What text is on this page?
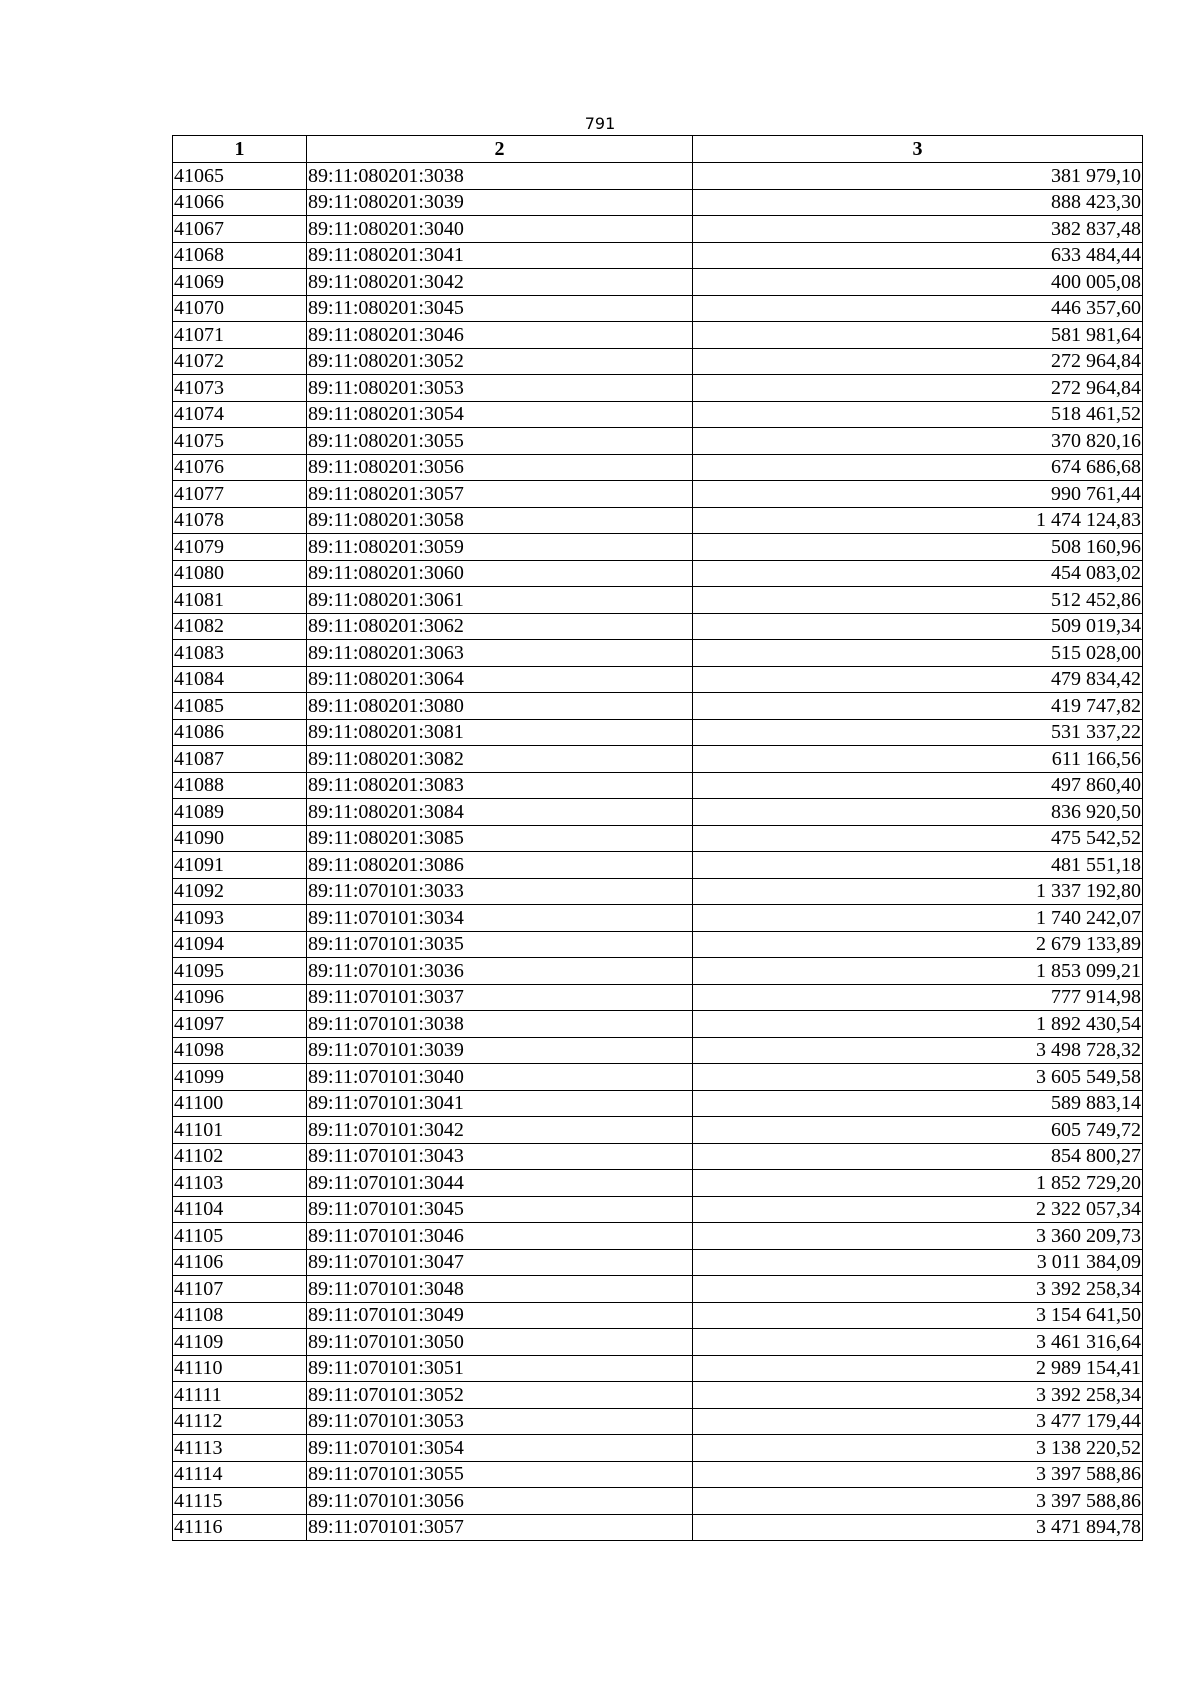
791
1	2	3
41065	89:11:080201:3038	381 979,10
41066	89:11:080201:3039	888 423,30
41067	89:11:080201:3040	382 837,48
41068	89:11:080201:3041	633 484,44
41069	89:11:080201:3042	400 005,08
41070	89:11:080201:3045	446 357,60
41071	89:11:080201:3046	581 981,64
41072	89:11:080201:3052	272 964,84
41073	89:11:080201:3053	272 964,84
41074	89:11:080201:3054	518 461,52
41075	89:11:080201:3055	370 820,16
41076	89:11:080201:3056	674 686,68
41077	89:11:080201:3057	990 761,44
41078	89:11:080201:3058	1 474 124,83
41079	89:11:080201:3059	508 160,96
41080	89:11:080201:3060	454 083,02
41081	89:11:080201:3061	512 452,86
41082	89:11:080201:3062	509 019,34
41083	89:11:080201:3063	515 028,00
41084	89:11:080201:3064	479 834,42
41085	89:11:080201:3080	419 747,82
41086	89:11:080201:3081	531 337,22
41087	89:11:080201:3082	611 166,56
41088	89:11:080201:3083	497 860,40
41089	89:11:080201:3084	836 920,50
41090	89:11:080201:3085	475 542,52
41091	89:11:080201:3086	481 551,18
41092	89:11:070101:3033	1 337 192,80
41093	89:11:070101:3034	1 740 242,07
41094	89:11:070101:3035	2 679 133,89
41095	89:11:070101:3036	1 853 099,21
41096	89:11:070101:3037	777 914,98
41097	89:11:070101:3038	1 892 430,54
41098	89:11:070101:3039	3 498 728,32
41099	89:11:070101:3040	3 605 549,58
41100	89:11:070101:3041	589 883,14
41101	89:11:070101:3042	605 749,72
41102	89:11:070101:3043	854 800,27
41103	89:11:070101:3044	1 852 729,20
41104	89:11:070101:3045	2 322 057,34
41105	89:11:070101:3046	3 360 209,73
41106	89:11:070101:3047	3 011 384,09
41107	89:11:070101:3048	3 392 258,34
41108	89:11:070101:3049	3 154 641,50
41109	89:11:070101:3050	3 461 316,64
41110	89:11:070101:3051	2 989 154,41
41111	89:11:070101:3052	3 392 258,34
41112	89:11:070101:3053	3 477 179,44
41113	89:11:070101:3054	3 138 220,52
41114	89:11:070101:3055	3 397 588,86
41115	89:11:070101:3056	3 397 588,86
41116	89:11:070101:3057	3 471 894,78
